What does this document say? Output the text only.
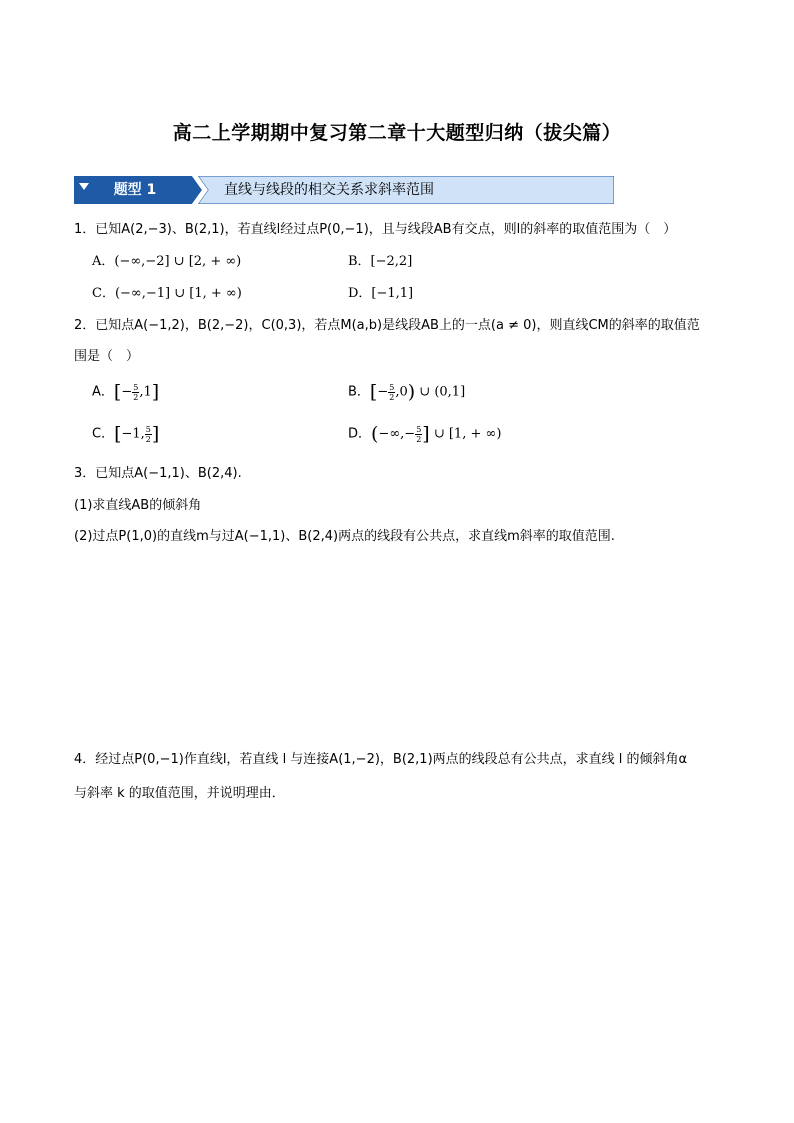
高二上学期期中复习第二章十大题型归纳（拔尖篇）
题型 1	直线与线段的相交关系求斜率范围
1．已知A(2,−3)、B(2,1)，若直线l经过点P(0,−1)，且与线段AB有交点，则l的斜率的取值范围为（　）
A．(−∞,−2] ∪ [2, + ∞)	B．[−2,2]
C．(−∞,−1] ∪ [1, + ∞)	D．[−1,1]
2．已知点A(−1,2)，B(2,−2)，C(0,3)，若点M(a,b)是线段AB上的一点(a ≠ 0)，则直线CM的斜率的取值范
围是（　）
A．[− $\frac{5}{2} ,1$]	B．[− $\frac{5}{2} ,0$) ∪ (0,1]
C．[−1, $\frac{5}{2}$ ]	D．(−∞,− $\frac{5}{2}$ ] ∪ [1, + ∞)
3．已知点A(−1,1)、B(2,4).
(1)求直线AB的倾斜角
(2)过点P(1,0)的直线m与过A(−1,1)、B(2,4)两点的线段有公共点，求直线m斜率的取值范围.
4．经过点P(0,−1)作直线l，若直线 l 与连接A(1,−2)，B(2,1)两点的线段总有公共点，求直线 l 的倾斜角α
与斜率 k 的取值范围，并说明理由．
